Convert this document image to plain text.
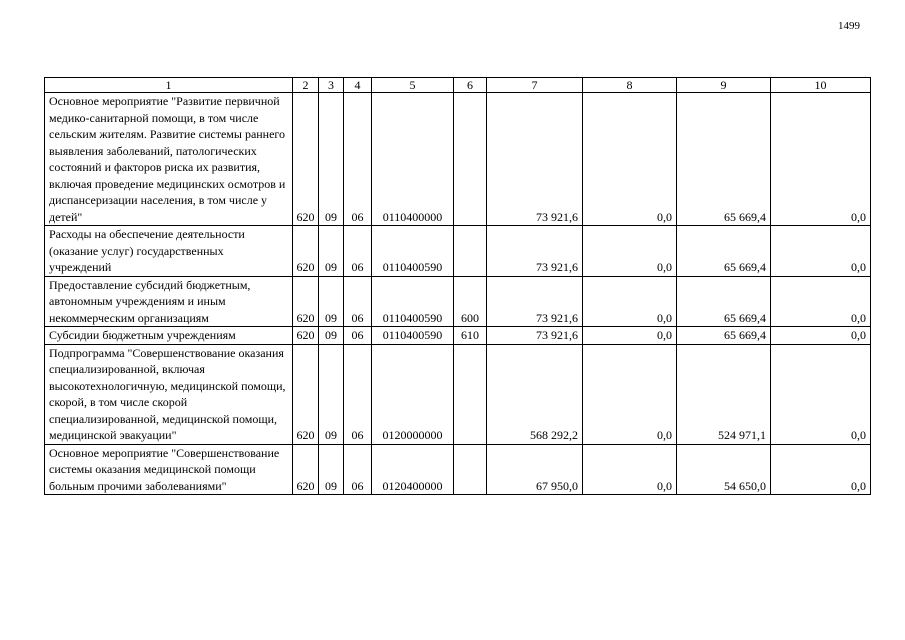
1499
1	2	3	4	5	6	7	8	9	10
Основное мероприятие "Развитие первичной медико-санитарной помощи, в том числе сельским жителям. Развитие системы раннего выявления заболеваний, патологических состояний и факторов риска их развития, включая проведение медицинских осмотров и диспансеризации населения, в том числе у детей"	620	09	06	0110400000		73 921,6	0,0	65 669,4	0,0
Расходы на обеспечение деятельности (оказание услуг) государственных учреждений	620	09	06	0110400590		73 921,6	0,0	65 669,4	0,0
Предоставление субсидий бюджетным, автономным учреждениям и иным некоммерческим организациям	620	09	06	0110400590	600	73 921,6	0,0	65 669,4	0,0
Субсидии бюджетным учреждениям	620	09	06	0110400590	610	73 921,6	0,0	65 669,4	0,0
Подпрограмма "Совершенствование оказания специализированной, включая высокотехнологичную, медицинской помощи, скорой, в том числе скорой специализированной, медицинской помощи, медицинской эвакуации"	620	09	06	0120000000		568 292,2	0,0	524 971,1	0,0
Основное мероприятие "Совершенствование системы оказания медицинской помощи больным прочими заболеваниями"	620	09	06	0120400000		67 950,0	0,0	54 650,0	0,0
